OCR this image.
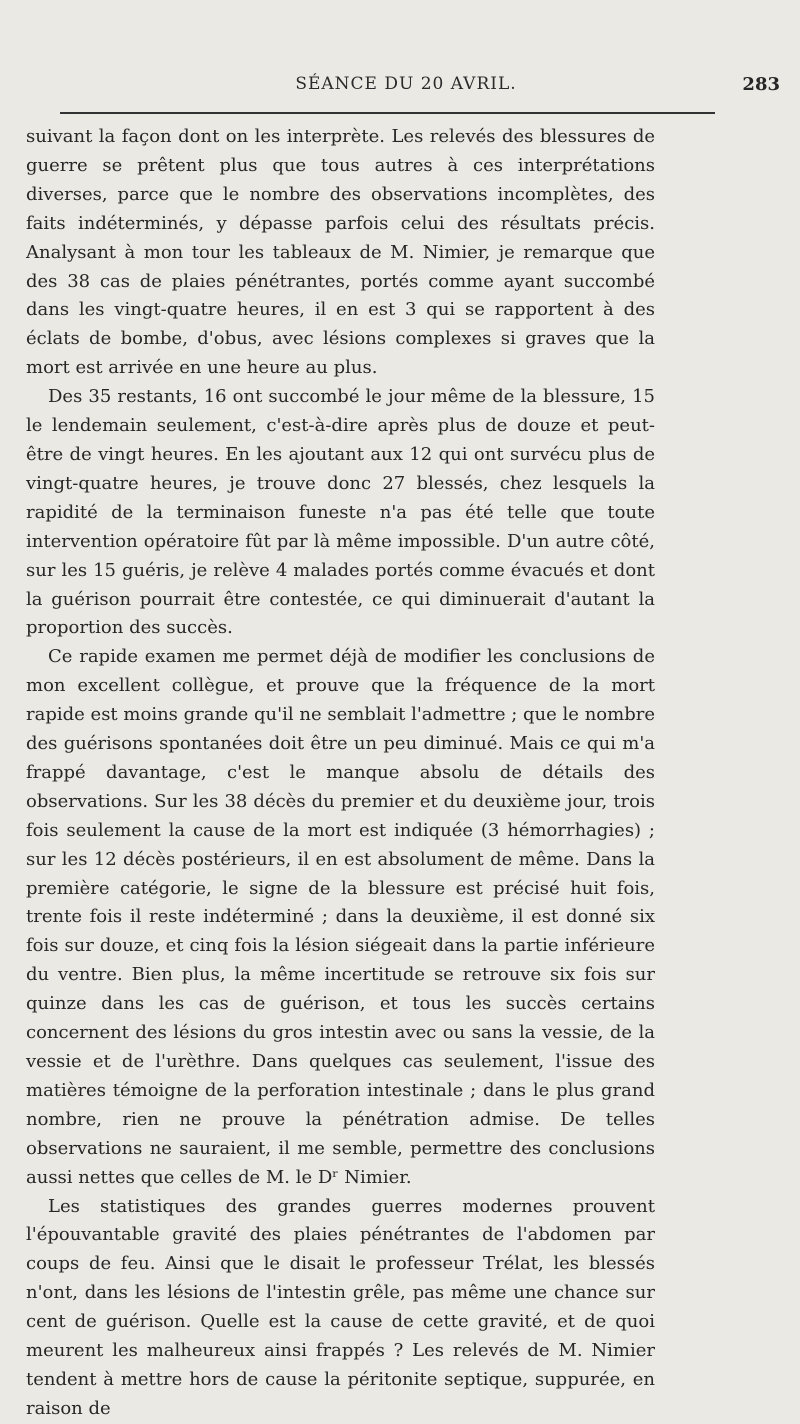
SÉANCE DU 20 AVRIL.	283

suivant la façon dont on les interprète. Les relevés des blessures de guerre se prêtent plus que tous autres à ces interprétations diverses, parce que le nombre des observations incomplètes, des faits indéterminés, y dépasse parfois celui des résultats précis. Analysant à mon tour les tableaux de M. Nimier, je remarque que des 38 cas de plaies pénétrantes, portés comme ayant succombé dans les vingt-quatre heures, il en est 3 qui se rapportent à des éclats de bombe, d'obus, avec lésions complexes si graves que la mort est arrivée en une heure au plus.

Des 35 restants, 16 ont succombé le jour même de la blessure, 15 le lendemain seulement, c'est-à-dire après plus de douze et peut-être de vingt heures. En les ajoutant aux 12 qui ont survécu plus de vingt-quatre heures, je trouve donc 27 blessés, chez lesquels la rapidité de la terminaison funeste n'a pas été telle que toute intervention opératoire fût par là même impossible. D'un autre côté, sur les 15 guéris, je relève 4 malades portés comme évacués et dont la guérison pourrait être contestée, ce qui diminuerait d'autant la proportion des succès.

Ce rapide examen me permet déjà de modifier les conclusions de mon excellent collègue, et prouve que la fréquence de la mort rapide est moins grande qu'il ne semblait l'admettre ; que le nombre des guérisons spontanées doit être un peu diminué. Mais ce qui m'a frappé davantage, c'est le manque absolu de détails des observations. Sur les 38 décès du premier et du deuxième jour, trois fois seulement la cause de la mort est indiquée (3 hémorrhagies) ; sur les 12 décès postérieurs, il en est absolument de même. Dans la première catégorie, le signe de la blessure est précisé huit fois, trente fois il reste indéterminé ; dans la deuxième, il est donné six fois sur douze, et cinq fois la lésion siégeait dans la partie inférieure du ventre. Bien plus, la même incertitude se retrouve six fois sur quinze dans les cas de guérison, et tous les succès certains concernent des lésions du gros intestin avec ou sans la vessie, de la vessie et de l'urèthre. Dans quelques cas seulement, l'issue des matières témoigne de la perforation intestinale ; dans le plus grand nombre, rien ne prouve la pénétration admise. De telles observations ne sauraient, il me semble, permettre des conclusions aussi nettes que celles de M. le Dʳ Nimier.

Les statistiques des grandes guerres modernes prouvent l'épouvantable gravité des plaies pénétrantes de l'abdomen par coups de feu. Ainsi que le disait le professeur Trélat, les blessés n'ont, dans les lésions de l'intestin grêle, pas même une chance sur cent de guérison. Quelle est la cause de cette gravité, et de quoi meurent les malheureux ainsi frappés ? Les relevés de M. Nimier tendent à mettre hors de cause la péritonite septique, suppurée, en raison de
